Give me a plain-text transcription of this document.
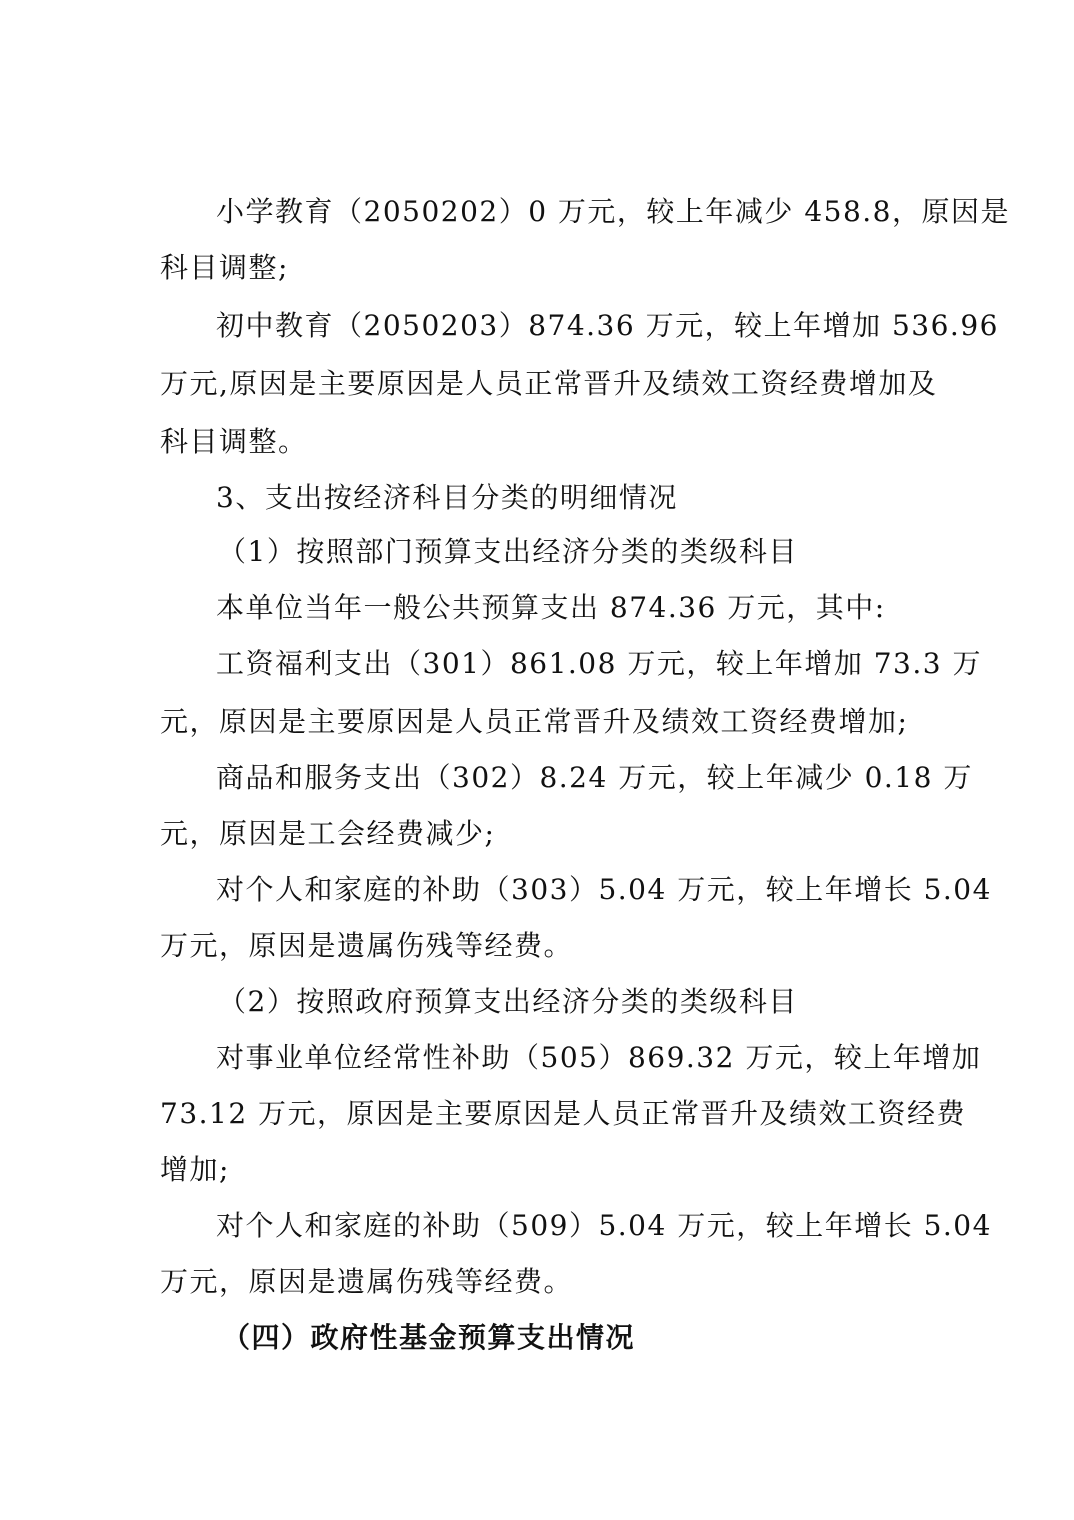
小学教育（2050202）0 万元，较上年减少 458.8，原因是
科目调整;
初中教育（2050203）874.36 万元，较上年增加 536.96
万元,原因是主要原因是人员正常晋升及绩效工资经费增加及
科目调整。
3、支出按经济科目分类的明细情况
（1）按照部门预算支出经济分类的类级科目
本单位当年一般公共预算支出 874.36 万元，其中:
工资福利支出（301）861.08 万元，较上年增加 73.3 万
元，原因是主要原因是人员正常晋升及绩效工资经费增加;
商品和服务支出（302）8.24 万元，较上年减少 0.18 万
元，原因是工会经费减少;
对个人和家庭的补助（303）5.04 万元，较上年增长 5.04
万元，原因是遗属伤残等经费。
（2）按照政府预算支出经济分类的类级科目
对事业单位经常性补助（505）869.32 万元，较上年增加
73.12 万元，原因是主要原因是人员正常晋升及绩效工资经费
增加;
对个人和家庭的补助（509）5.04 万元，较上年增长 5.04
万元，原因是遗属伤残等经费。
（四）政府性基金预算支出情况
